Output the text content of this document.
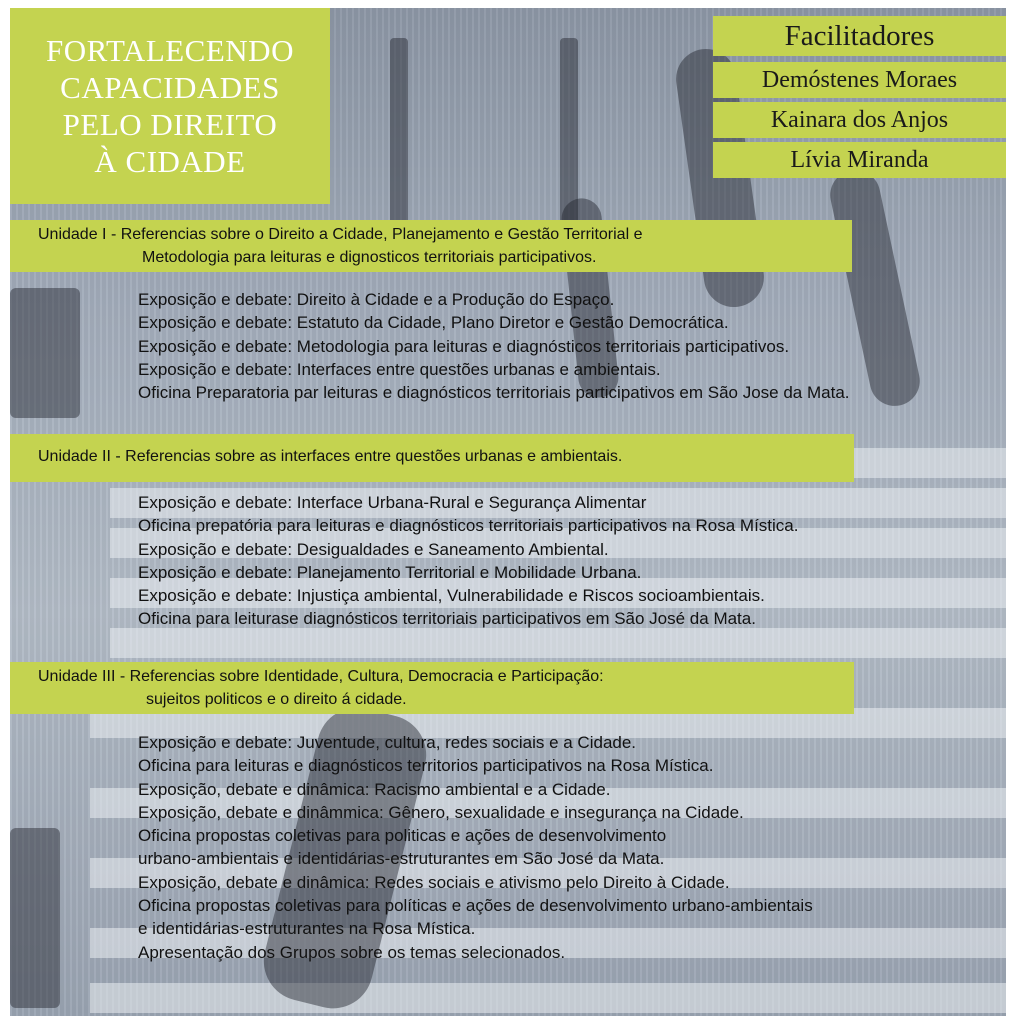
FORTALECENDO
CAPACIDADES
PELO DIREITO
À CIDADE
Facilitadores
Demóstenes Moraes
Kainara dos Anjos
Lívia Miranda
Unidade I - Referencias sobre o Direito a Cidade, Planejamento e Gestão Territorial e
Metodologia para leituras e dignosticos territoriais participativos.
Exposição e debate: Direito à Cidade e a Produção do Espaço.
Exposição e debate: Estatuto da Cidade, Plano Diretor e Gestão Democrática.
Exposição e debate: Metodologia para leituras e diagnósticos territoriais participativos.
Exposição e debate: Interfaces entre questões urbanas e ambientais.
Oficina Preparatoria par leituras e diagnósticos territoriais participativos em São Jose da Mata.
Unidade II - Referencias sobre as interfaces entre questões urbanas e ambientais.
Exposição e debate: Interface Urbana-Rural e Segurança Alimentar
Oficina prepatória para leituras e diagnósticos territoriais participativos na Rosa Mística.
Exposição e debate: Desigualdades e Saneamento Ambiental.
Exposição e debate: Planejamento Territorial e Mobilidade Urbana.
Exposição e debate: Injustiça ambiental, Vulnerabilidade e Riscos socioambientais.
Oficina para leiturase diagnósticos territoriais participativos em São José da Mata.
Unidade III - Referencias sobre Identidade, Cultura, Democracia e Participação:
sujeitos politicos e o direito á cidade.
Exposição e debate: Juventude, cultura, redes sociais e a Cidade.
Oficina para leituras e diagnósticos territorios participativos na Rosa Mística.
Exposição, debate e dinâmica: Racismo ambiental e a Cidade.
Exposição, debate e dinâmmica: Gênero, sexualidade e insegurança na Cidade.
Oficina propostas coletivas para politicas e ações de desenvolvimento
urbano-ambientais e identidárias-estruturantes em São José da Mata.
Exposição, debate e dinâmica: Redes sociais e ativismo pelo Direito à Cidade.
Oficina propostas coletivas para políticas e ações de desenvolvimento urbano-ambientais
e identidárias-estruturantes na Rosa Mística.
Apresentação dos Grupos sobre os temas selecionados.
